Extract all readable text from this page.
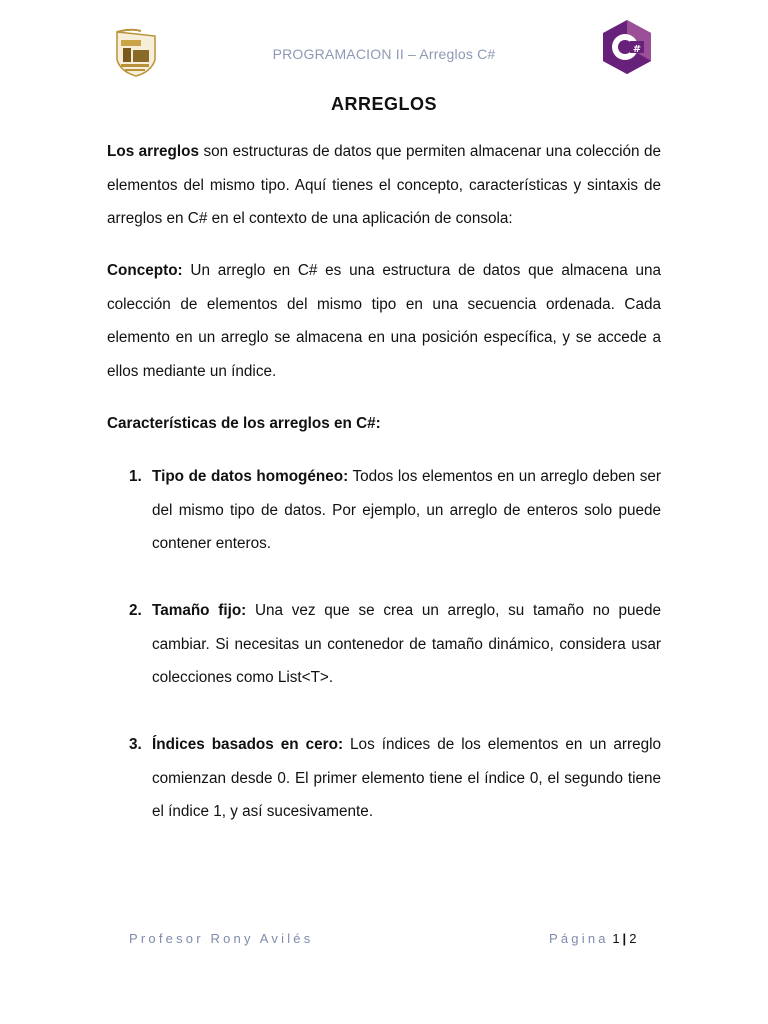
PROGRAMACION II – Arreglos C#	#
ARREGLOS

Los arreglos son estructuras de datos que permiten almacenar una colección de elementos del mismo tipo. Aquí tienes el concepto, características y sintaxis de arreglos en C# en el contexto de una aplicación de consola:

Concepto: Un arreglo en C# es una estructura de datos que almacena una colección de elementos del mismo tipo en una secuencia ordenada. Cada elemento en un arreglo se almacena en una posición específica, y se accede a ellos mediante un índice.

Características de los arreglos en C#:
1. Tipo de datos homogéneo: Todos los elementos en un arreglo deben ser del mismo tipo de datos. Por ejemplo, un arreglo de enteros solo puede contener enteros.
2. Tamaño fijo: Una vez que se crea un arreglo, su tamaño no puede cambiar. Si necesitas un contenedor de tamaño dinámico, considera usar colecciones como List<T>.
3. Índices basados en cero: Los índices de los elementos en un arreglo comienzan desde 0. El primer elemento tiene el índice 0, el segundo tiene el índice 1, y así sucesivamente.
Profesor Rony Avilés	Página 1 | 2
